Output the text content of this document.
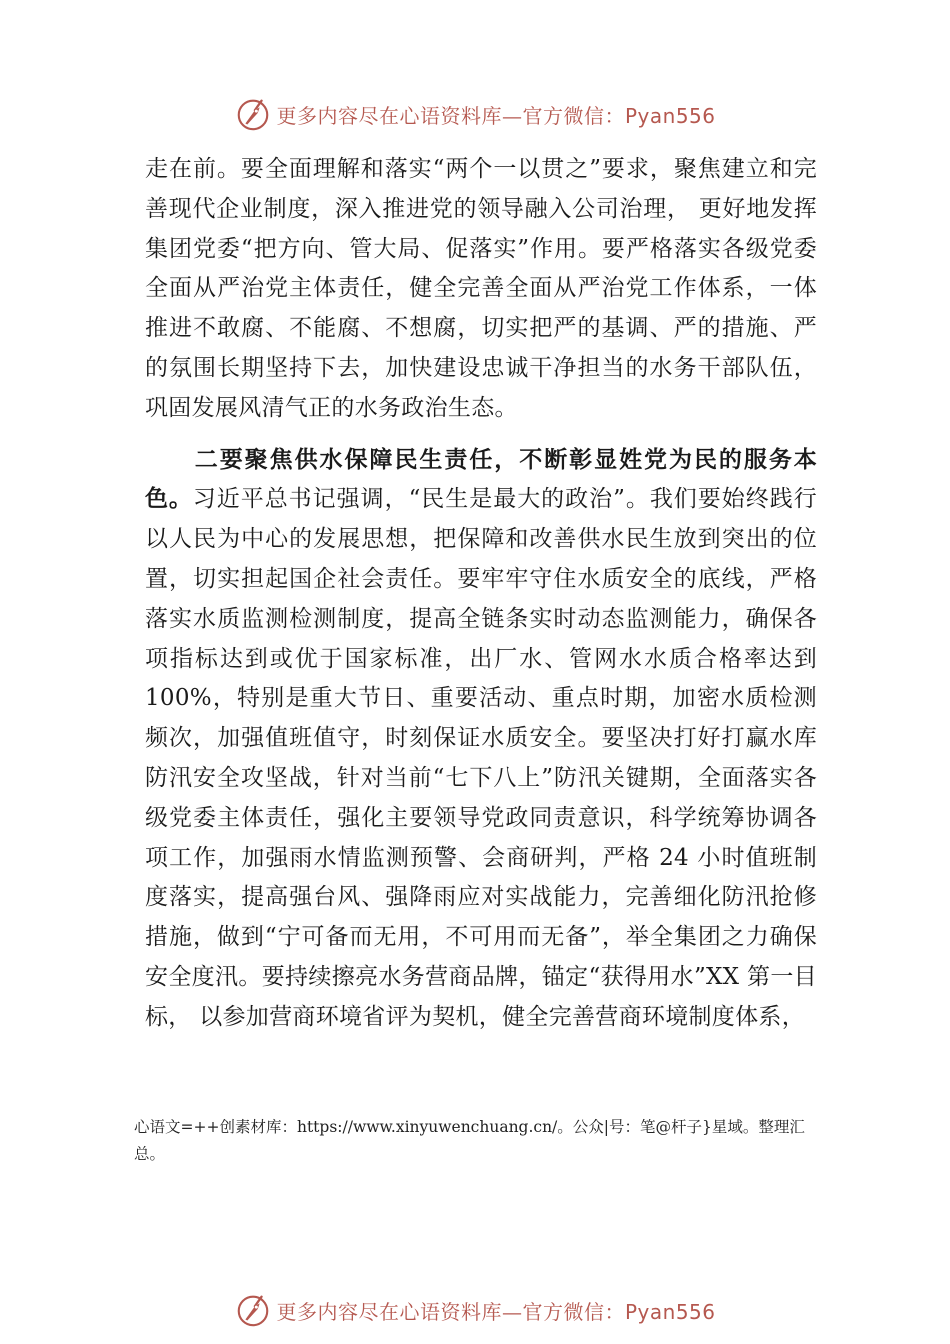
更多内容尽在心语资料库—官方微信：Pyan556

走在前。要全面理解和落实“两个一以贯之”要求，聚焦建立和完善现代企业制度，深入推进党的领导融入公司治理， 更好地发挥集团党委“把方向、管大局、促落实”作用。要严格落实各级党委全面从严治党主体责任，健全完善全面从严治党工作体系，一体推进不敢腐、不能腐、不想腐，切实把严的基调、严的措施、严的氛围长期坚持下去，加快建设忠诚干净担当的水务干部队伍，巩固发展风清气正的水务政治生态。

二要聚焦供水保障民生责任，不断彰显姓党为民的服务本色。习近平总书记强调，“民生是最大的政治”。我们要始终践行以人民为中心的发展思想，把保障和改善供水民生放到突出的位置，切实担起国企社会责任。要牢牢守住水质安全的底线，严格落实水质监测检测制度，提高全链条实时动态监测能力，确保各项指标达到或优于国家标准，出厂水、管网水水质合格率达到 100%，特别是重大节日、重要活动、重点时期，加密水质检测频次，加强值班值守，时刻保证水质安全。要坚决打好打赢水库防汛安全攻坚战，针对当前“七下八上”防汛关键期，全面落实各级党委主体责任，强化主要领导党政同责意识，科学统筹协调各项工作，加强雨水情监测预警、会商研判，严格 24 小时值班制度落实，提高强台风、强降雨应对实战能力，完善细化防汛抢修措施，做到“宁可备而无用，不可用而无备”，举全集团之力确保安全度汛。要持续擦亮水务营商品牌，锚定“获得用水”XX 第一目标， 以参加营商环境省评为契机，健全完善营商环境制度体系，

心语文=++创素材库：https://www.xinyuwenchuang.cn/。公众|号：笔@杆子}星域。整理汇总。
更多内容尽在心语资料库—官方微信：Pyan556
